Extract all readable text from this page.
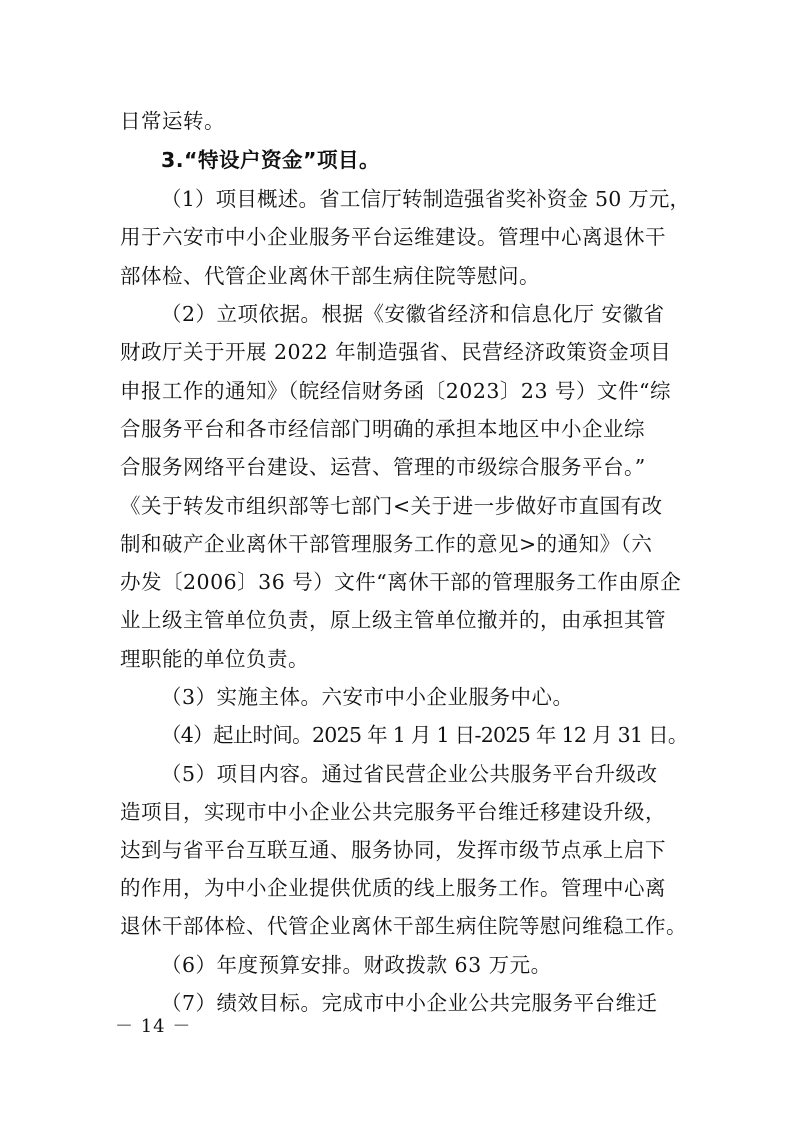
日常运转。
3.“特设户资金”项目。
（1）项目概述。省工信厅转制造强省奖补资金 50 万元，
用于六安市中小企业服务平台运维建设。管理中心离退休干
部体检、代管企业离休干部生病住院等慰问。
（2）立项依据。根据《安徽省经济和信息化厅 安徽省
财政厅关于开展 2022 年制造强省、民营经济政策资金项目
申报工作的通知》（皖经信财务函〔2023〕23 号）文件“综
合服务平台和各市经信部门明确的承担本地区中小企业综
合服务网络平台建设、运营、管理的市级综合服务平台。”
《关于转发市组织部等七部门<关于进一步做好市直国有改
制和破产企业离休干部管理服务工作的意见>的通知》（六
办发〔2006〕36 号）文件“离休干部的管理服务工作由原企
业上级主管单位负责，原上级主管单位撤并的，由承担其管
理职能的单位负责。
（3）实施主体。六安市中小企业服务中心。
（4）起止时间。2025 年 1 月 1 日-2025 年 12 月 31 日。
（5）项目内容。通过省民营企业公共服务平台升级改
造项目，实现市中小企业公共完服务平台维迁移建设升级，
达到与省平台互联互通、服务协同，发挥市级节点承上启下
的作用，为中小企业提供优质的线上服务工作。管理中心离
退休干部体检、代管企业离休干部生病住院等慰问维稳工作。
（6）年度预算安排。财政拨款 63 万元。
（7）绩效目标。完成市中小企业公共完服务平台维迁
－ 14 －
